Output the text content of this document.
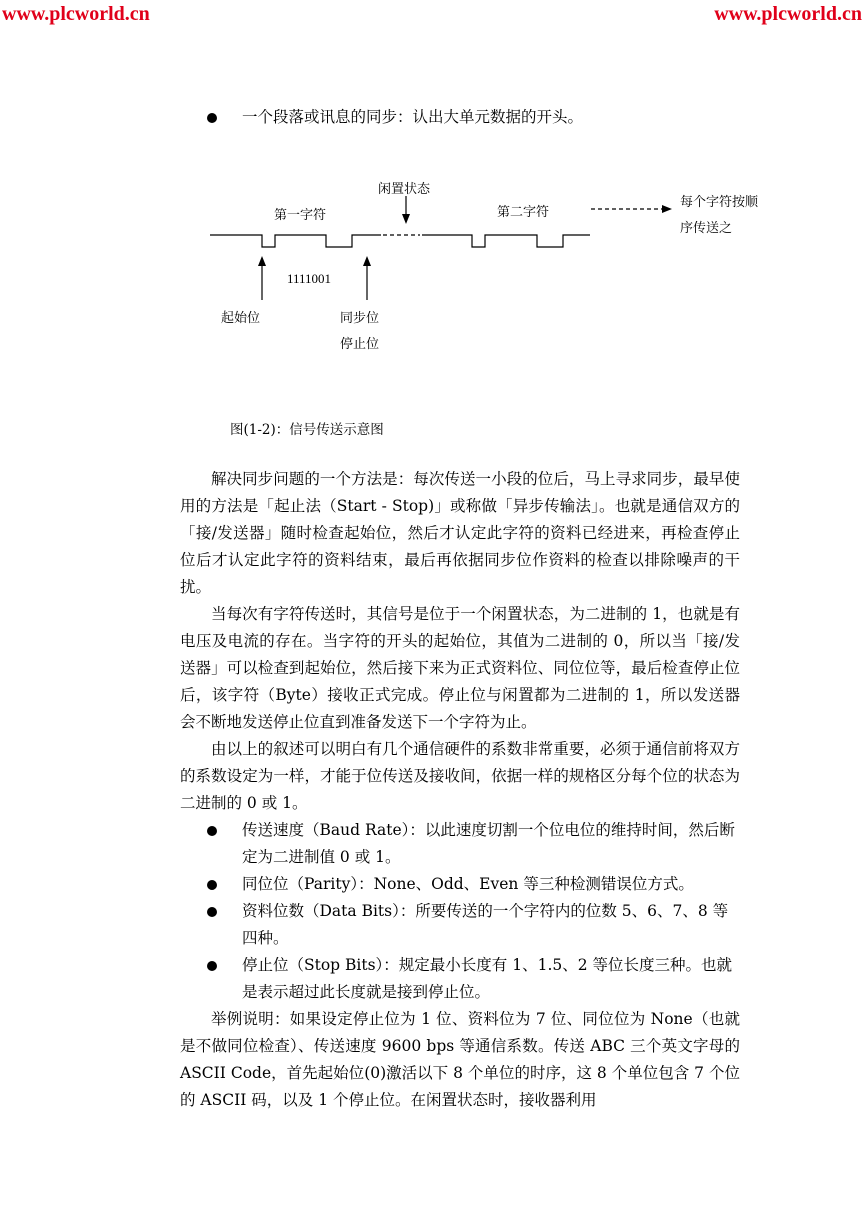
www.plcworld.cn	www.plcworld.cn

一个段落或讯息的同步：认出大单元数据的开头。

闲置状态
第一字符	第二字符
每个字符按顺
序传送之
1111001
起始位	同步位
停止位
图(1-2)：信号传送示意图

解决同步问题的一个方法是：每次传送一小段的位后，马上寻求同步，最早使用的方法是「起止法（Start - Stop)」或称做「异步传输法」。也就是通信双方的「接/发送器」随时检查起始位，然后才认定此字符的资料已经进来，再检查停止位后才认定此字符的资料结束，最后再依据同步位作资料的检查以排除噪声的干扰。

当每次有字符传送时，其信号是位于一个闲置状态，为二进制的 1，也就是有电压及电流的存在。当字符的开头的起始位，其值为二进制的 0，所以当「接/发送器」可以检查到起始位，然后接下来为正式资料位、同位位等，最后检查停止位后，该字符（Byte）接收正式完成。停止位与闲置都为二进制的 1，所以发送器会不断地发送停止位直到准备发送下一个字符为止。

由以上的叙述可以明白有几个通信硬件的系数非常重要，必须于通信前将双方的系数设定为一样，才能于位传送及接收间，依据一样的规格区分每个位的状态为二进制的 0 或 1。

传送速度（Baud Rate）：以此速度切割一个位电位的维持时间，然后断定为二进制值 0 或 1。

同位位（Parity）：None、Odd、Even 等三种检测错误位方式。

资料位数（Data Bits）：所要传送的一个字符内的位数 5、6、7、8 等四种。

停止位（Stop Bits）：规定最小长度有 1、1.5、2 等位长度三种。也就是表示超过此长度就是接到停止位。

举例说明：如果设定停止位为 1 位、资料位为 7 位、同位位为 None（也就是不做同位检查）、传送速度 9600 bps 等通信系数。传送 ABC 三个英文字母的 ASCII Code，首先起始位(0)激活以下 8 个单位的时序，这 8 个单位包含 7 个位的 ASCII 码，以及 1 个停止位。在闲置状态时，接收器利用
